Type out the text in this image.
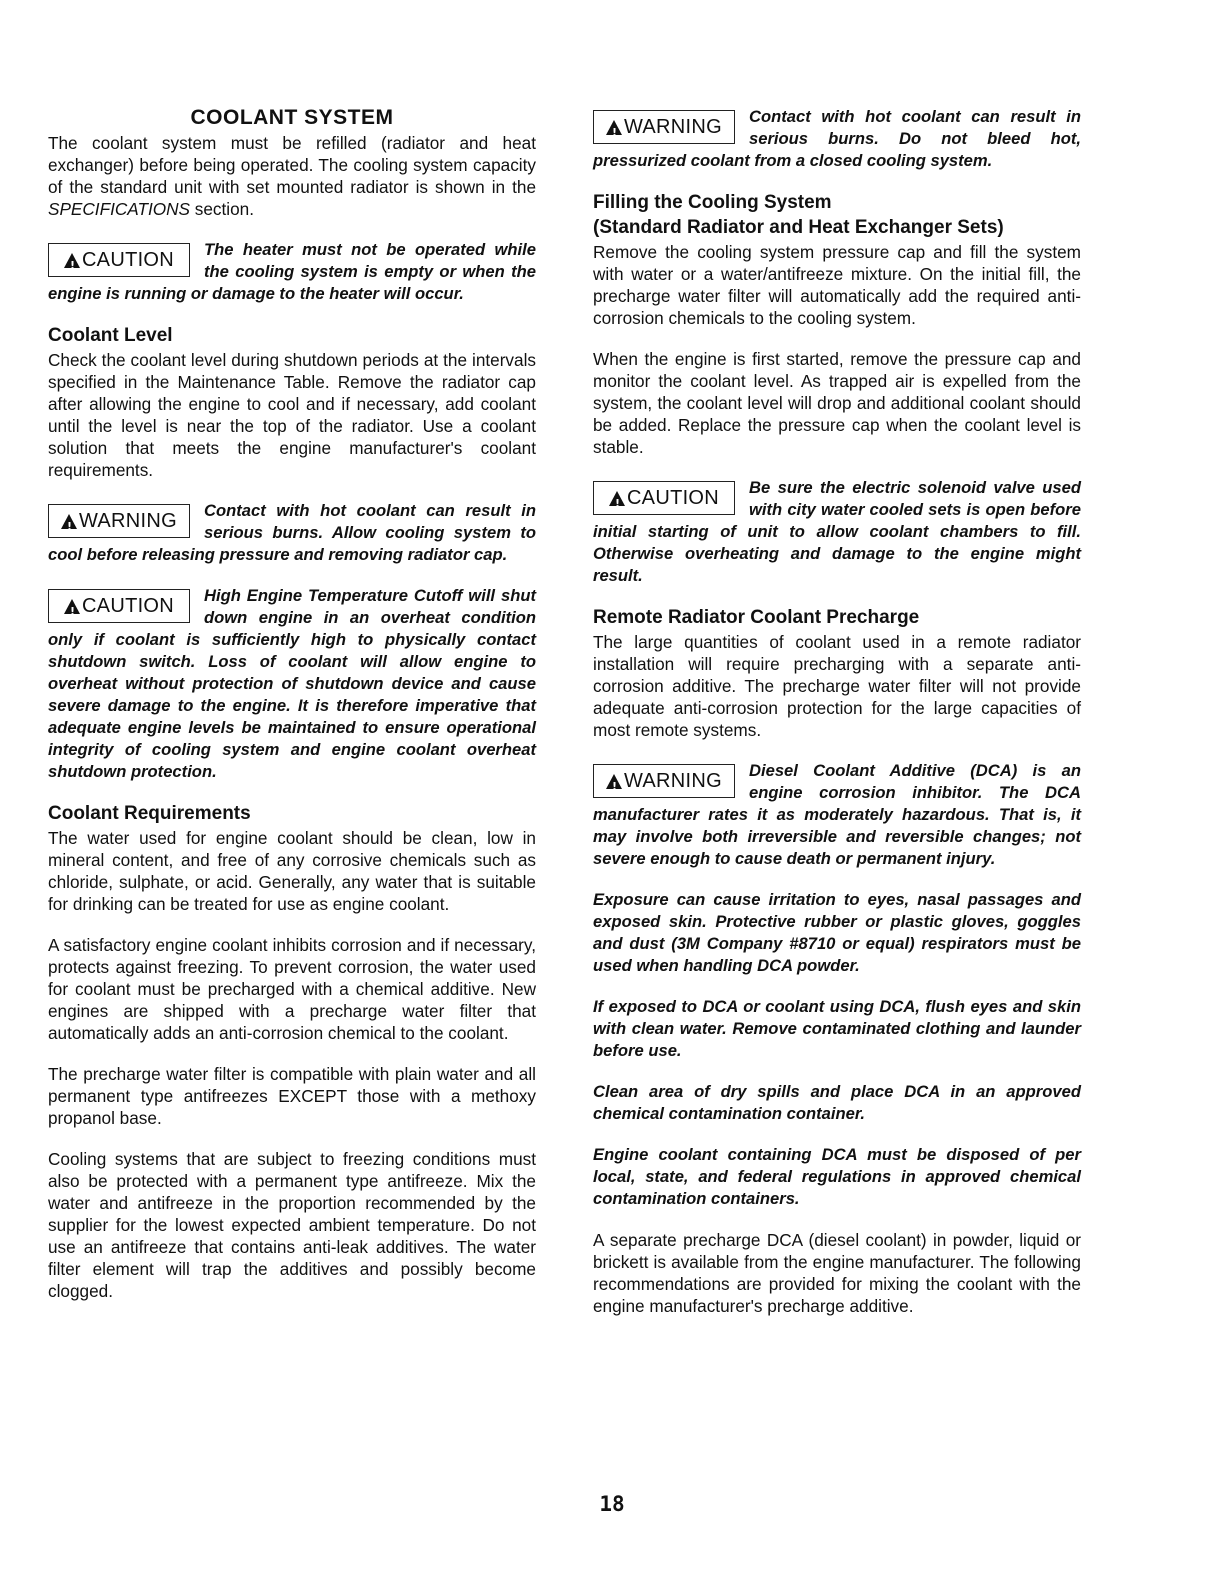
COOLANT SYSTEM

The coolant system must be refilled (radiator and heat exchanger) before being operated. The cooling system capacity of the standard unit with set mounted radiator is shown in the SPECIFICATIONS section.

!
CAUTION The heater must not be operated while the cooling system is empty or when the engine is running or damage to the heater will occur.
Coolant Level

Check the coolant level during shutdown periods at the intervals specified in the Maintenance Table. Remove the radiator cap after allowing the engine to cool and if necessary, add coolant until the level is near the top of the radiator. Use a coolant solution that meets the engine manufacturer's coolant requirements.

!
WARNING Contact with hot coolant can result in serious burns. Allow cooling system to cool before releasing pressure and removing radiator cap.
!
CAUTION High Engine Temperature Cutoff will shut down engine in an overheat condition only if coolant is sufficiently high to physically contact shutdown switch. Loss of coolant will allow engine to overheat without protection of shutdown device and cause severe damage to the engine. It is therefore imperative that adequate engine levels be maintained to ensure operational integrity of cooling system and engine coolant overheat shutdown protection.
Coolant Requirements

The water used for engine coolant should be clean, low in mineral content, and free of any corrosive chemicals such as chloride, sulphate, or acid. Generally, any water that is suitable for drinking can be treated for use as engine coolant.

A satisfactory engine coolant inhibits corrosion and if necessary, protects against freezing. To prevent corrosion, the water used for coolant must be precharged with a chemical additive. New engines are shipped with a precharge water filter that automatically adds an anti-corrosion chemical to the coolant.

The precharge water filter is compatible with plain water and all permanent type antifreezes EXCEPT those with a methoxy propanol base.

Cooling systems that are subject to freezing conditions must also be protected with a permanent type antifreeze. Mix the water and antifreeze in the proportion recommended by the supplier for the lowest expected ambient temperature. Do not use an antifreeze that contains anti-leak additives. The water filter element will trap the additives and possibly become clogged.

!
WARNING Contact with hot coolant can result in serious burns. Do not bleed hot, pressurized coolant from a closed cooling system.
Filling the Cooling System
(Standard Radiator and Heat Exchanger Sets)

Remove the cooling system pressure cap and fill the system with water or a water/antifreeze mixture. On the initial fill, the precharge water filter will automatically add the required anti-corrosion chemicals to the cooling system.

When the engine is first started, remove the pressure cap and monitor the coolant level. As trapped air is expelled from the system, the coolant level will drop and additional coolant should be added. Replace the pressure cap when the coolant level is stable.

!
CAUTION Be sure the electric solenoid valve used with city water cooled sets is open before initial starting of unit to allow coolant chambers to fill. Otherwise overheating and damage to the engine might result.
Remote Radiator Coolant Precharge

The large quantities of coolant used in a remote radiator installation will require precharging with a separate anti-corrosion additive. The precharge water filter will not provide adequate anti-corrosion protection for the large capacities of most remote systems.

!
WARNING Diesel Coolant Additive (DCA) is an engine corrosion inhibitor. The DCA manufacturer rates it as moderately hazardous. That is, it may involve both irreversible and reversible changes; not severe enough to cause death or permanent injury.

Exposure can cause irritation to eyes, nasal passages and exposed skin. Protective rubber or plastic gloves, goggles and dust (3M Company #8710 or equal) respirators must be used when handling DCA powder.

If exposed to DCA or coolant using DCA, flush eyes and skin with clean water. Remove contaminated clothing and launder before use.

Clean area of dry spills and place DCA in an approved chemical contamination container.

Engine coolant containing DCA must be disposed of per local, state, and federal regulations in approved chemical contamination containers.

A separate precharge DCA (diesel coolant) in powder, liquid or brickett is available from the engine manufacturer. The following recommendations are provided for mixing the coolant with the engine manufacturer's precharge additive.

18
